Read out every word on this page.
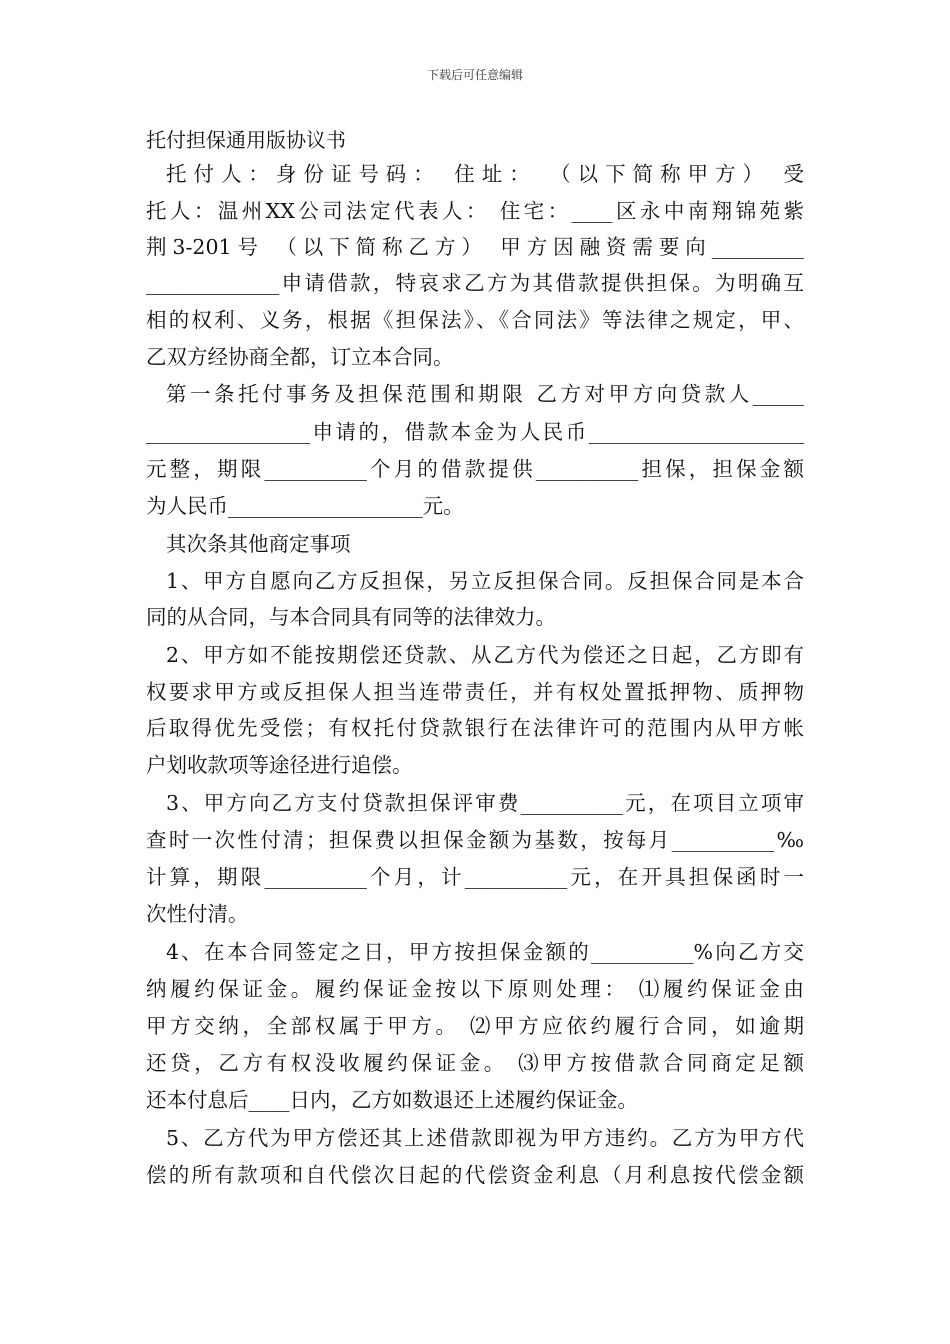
下载后可任意编辑
托付担保通用版协议书
托付人：身份证号码： 住址： （以下简称甲方） 受
托人：温州XX公司法定代表人： 住宅：____区永中南翔锦苑紫
荆3-201号 （以下简称乙方） 甲方因融资需要向_________
_____________申请借款，特哀求乙方为其借款提供担保。为明确互
相的权利、义务，根据《担保法》、《合同法》等法律之规定，甲、
乙双方经协商全都，订立本合同。
第一条托付事务及担保范围和期限 乙方对甲方向贷款人_____
________________申请的，借款本金为人民币_____________________
元整，期限__________个月的借款提供__________担保，担保金额
为人民币___________________元。
其次条其他商定事项
1、甲方自愿向乙方反担保，另立反担保合同。反担保合同是本合
同的从合同，与本合同具有同等的法律效力。
2、甲方如不能按期偿还贷款、从乙方代为偿还之日起，乙方即有
权要求甲方或反担保人担当连带责任，并有权处置抵押物、质押物
后取得优先受偿；有权托付贷款银行在法律许可的范围内从甲方帐
户划收款项等途径进行追偿。
3、甲方向乙方支付贷款担保评审费__________元，在项目立项审
查时一次性付清；担保费以担保金额为基数，按每月__________‰
计算，期限__________个月，计__________元，在开具担保函时一
次性付清。
4、在本合同签定之日，甲方按担保金额的__________%向乙方交
纳履约保证金。履约保证金按以下原则处理： ⑴履约保证金由
甲方交纳，全部权属于甲方。 ⑵甲方应依约履行合同，如逾期
还贷，乙方有权没收履约保证金。 ⑶甲方按借款合同商定足额
还本付息后____日内，乙方如数退还上述履约保证金。
5、乙方代为甲方偿还其上述借款即视为甲方违约。乙方为甲方代
偿的所有款项和自代偿次日起的代偿资金利息（月利息按代偿金额
